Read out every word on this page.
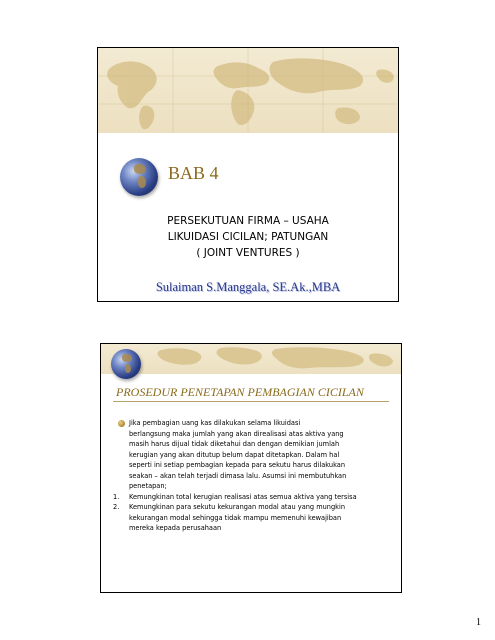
BAB 4
PERSEKUTUAN FIRMA – USAHA
LIKUIDASI CICILAN; PATUNGAN
( JOINT VENTURES )
Sulaiman S.Manggala, SE.Ak.,MBA
PROSEDUR PENETAPAN PEMBAGIAN CICILAN
Jika pembagian uang kas dilakukan selama likuidasi
berlangsung maka jumlah yang akan direalisasi atas aktiva yang
masih harus dijual tidak diketahui dan dengan demikian jumlah
kerugian yang akan ditutup belum dapat ditetapkan. Dalam hal
seperti ini setiap pembagian kepada para sekutu harus dilakukan
seakan – akan telah terjadi dimasa lalu. Asumsi ini membutuhkan
penetapan;
1. Kemungkinan total kerugian realisasi atas semua aktiva yang tersisa
2. Kemungkinan para sekutu kekurangan modal atau yang mungkin
kekurangan modal sehingga tidak mampu memenuhi kewajiban
mereka kepada perusahaan
1
